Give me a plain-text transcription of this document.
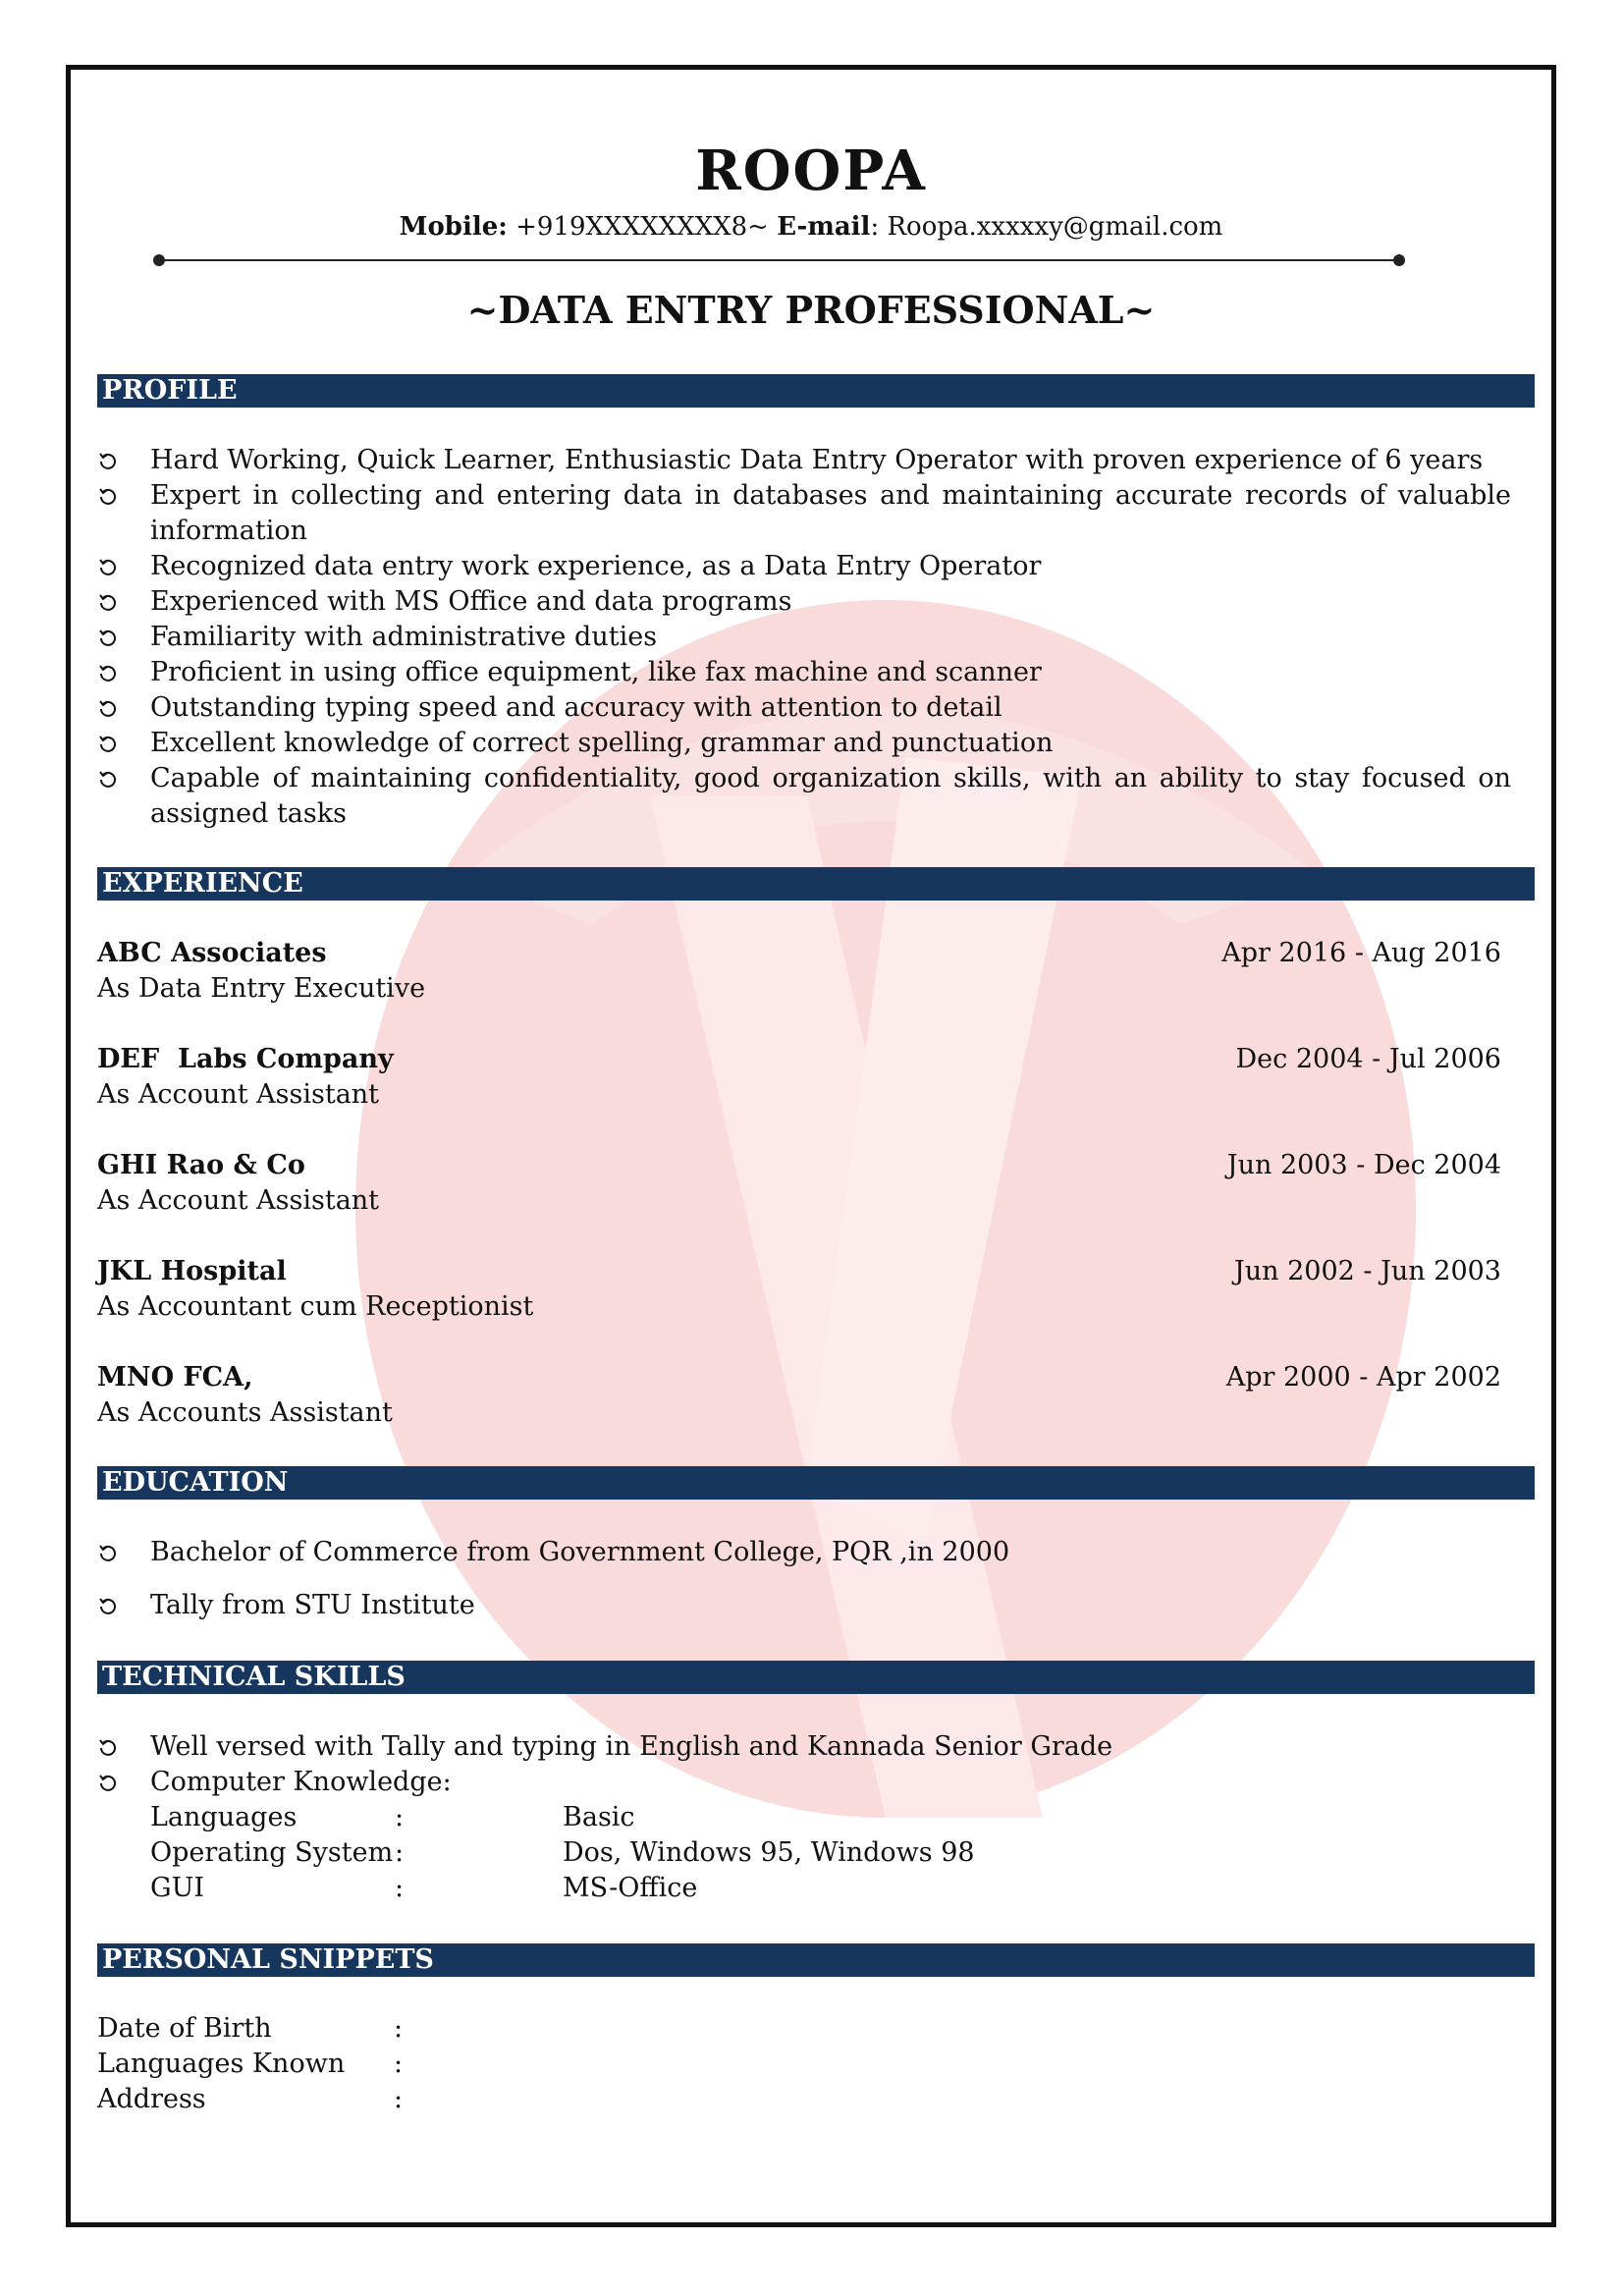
ROOPA
Mobile: +919XXXXXXXX8~ E-mail: Roopa.xxxxxy@gmail.com
~DATA ENTRY PROFESSIONAL~
PROFILE
Hard Working, Quick Learner, Enthusiastic Data Entry Operator with proven experience of 6 years
Expert in collecting and entering data in databases and maintaining accurate records of valuable information
Recognized data entry work experience, as a Data Entry Operator
Experienced with MS Office and data programs
Familiarity with administrative duties
Proficient in using office equipment, like fax machine and scanner
Outstanding typing speed and accuracy with attention to detail
Excellent knowledge of correct spelling, grammar and punctuation
Capable of maintaining confidentiality, good organization skills, with an ability to stay focused on assigned tasks
EXPERIENCE
ABC Associates
As Data Entry Executive
Apr 2016 - Aug 2016
DEF  Labs Company
As Account Assistant
Dec 2004 - Jul 2006
GHI Rao & Co
As Account Assistant
Jun 2003 - Dec 2004
JKL Hospital
As Accountant cum Receptionist
Jun 2002 - Jun 2003
MNO FCA,
As Accounts Assistant
Apr 2000 - Apr 2002
EDUCATION
Bachelor of Commerce from Government College, PQR ,in 2000
Tally from STU Institute
TECHNICAL SKILLS
Well versed with Tally and typing in English and Kannada Senior Grade
Computer Knowledge:
Languages	:	Basic
Operating System :	Dos, Windows 95, Windows 98
GUI	:	MS-Office
PERSONAL SNIPPETS
Date of Birth	:
Languages Known :
Address	:
